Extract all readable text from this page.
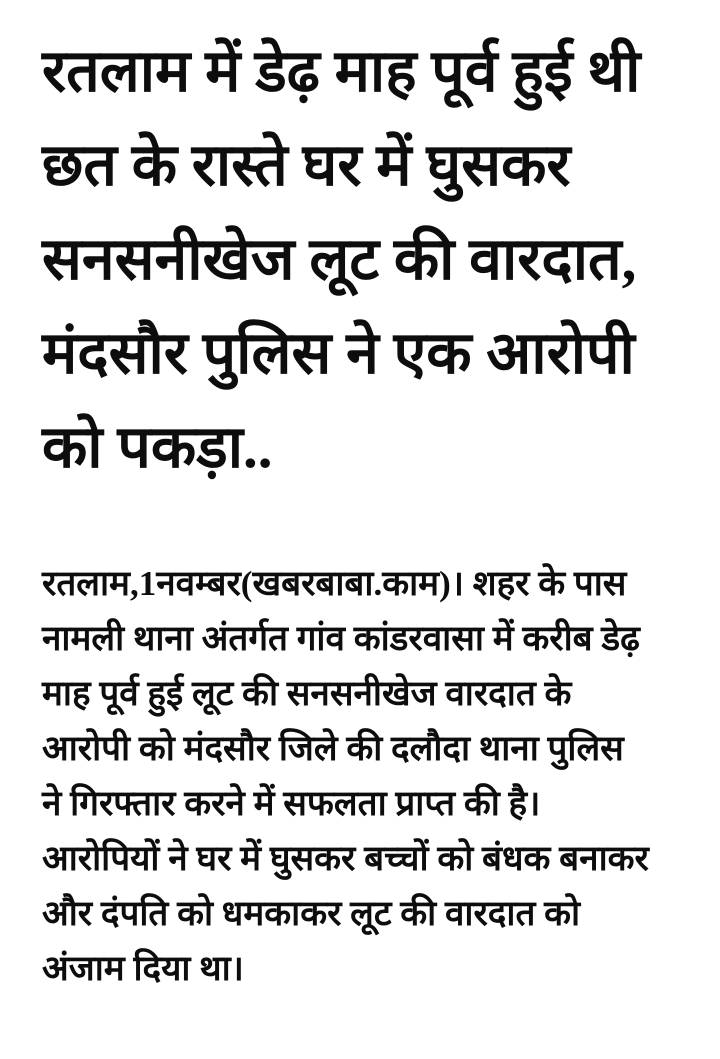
रतलाम में डेढ़ माह पूर्व हुई थी
छत के रास्ते घर में घुसकर
सनसनीखेज लूट की वारदात,
मंदसौर पुलिस ने एक आरोपी
को पकड़ा..

रतलाम,1नवम्बर(खबरबाबा.काम)। शहर के पास
नामली थाना अंतर्गत गांव कांडरवासा में करीब डेढ़
माह पूर्व हुई लूट की सनसनीखेज वारदात के
आरोपी को मंदसौर जिले की दलौदा थाना पुलिस
ने गिरफ्तार करने में सफलता प्राप्त की है।
आरोपियों ने घर में घुसकर बच्चों को बंधक बनाकर
और दंपति को धमकाकर लूट की वारदात को
अंजाम दिया था।
